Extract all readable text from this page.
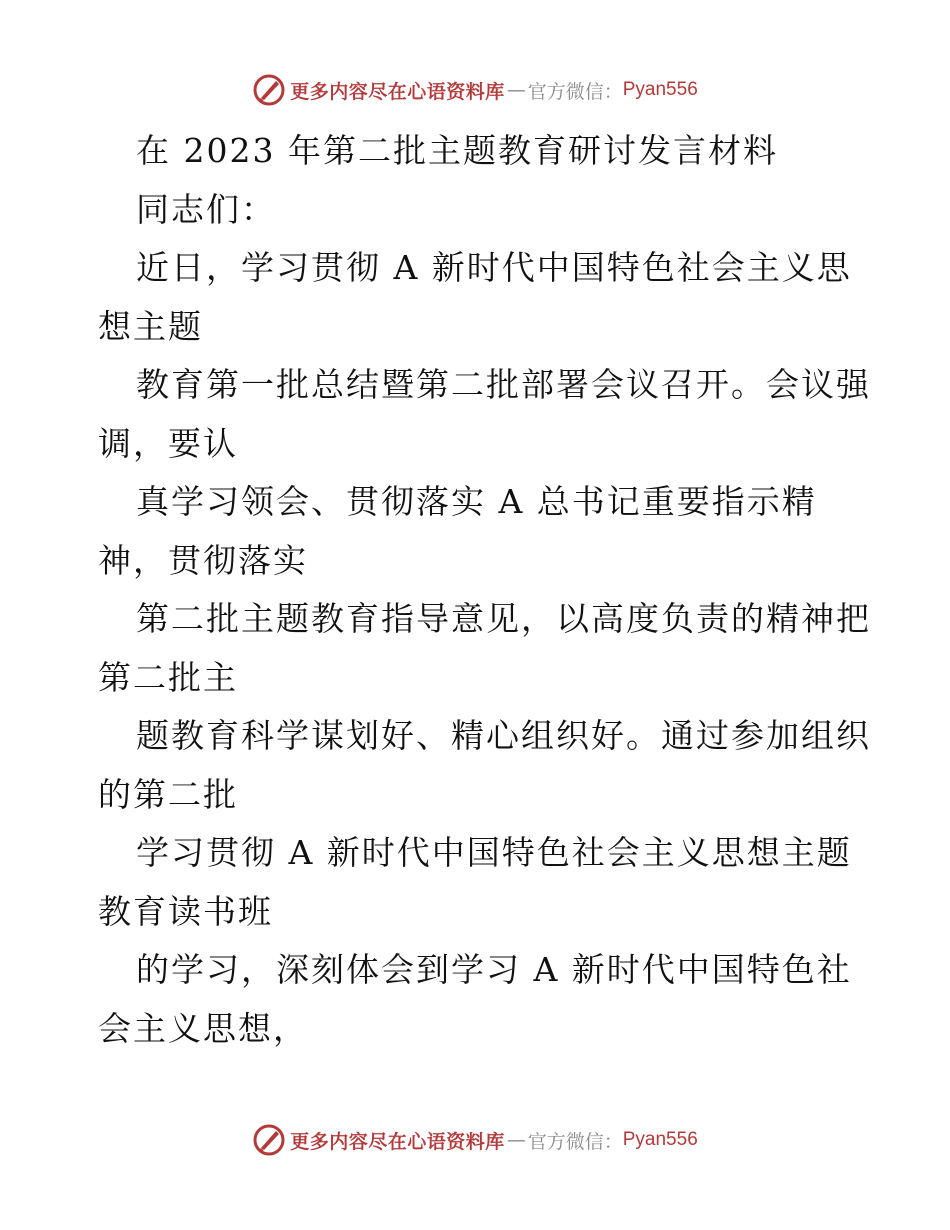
更多内容尽在心语资料库 — 官方微信： Pyan556
在 2023 年第二批主题教育研讨发言材料
同志们：
近日，学习贯彻 A 新时代中国特色社会主义思
想主题
教育第一批总结暨第二批部署会议召开。会议强
调，要认
真学习领会、贯彻落实 A 总书记重要指示精
神，贯彻落实
第二批主题教育指导意见，以高度负责的精神把
第二批主
题教育科学谋划好、精心组织好。通过参加组织
的第二批
学习贯彻 A 新时代中国特色社会主义思想主题
教育读书班
的学习，深刻体会到学习 A 新时代中国特色社
会主义思想，
更多内容尽在心语资料库 — 官方微信： Pyan556
